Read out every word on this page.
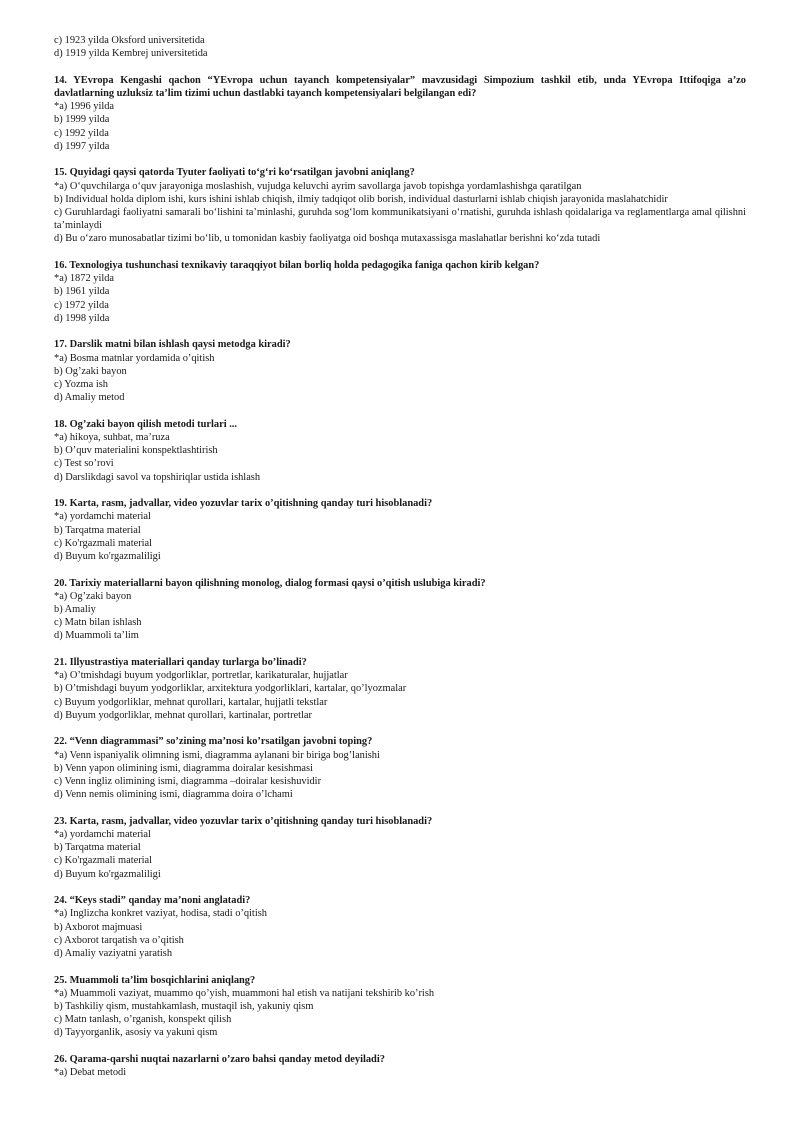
c) 1923 yilda Oksford universitetida
d) 1919 yilda Kembrej universitetida
14. YEvropa Kengashi qachon “YEvropa uchun tayanch kompetensiyalar” mavzusidagi Simpozium tashkil etib, unda YEvropa Ittifoqiga a’zo davlatlarning uzluksiz ta’lim tizimi uchun dastlabki tayanch kompetensiyalari belgilangan edi?
*a) 1996 yilda
b) 1999 yilda
c) 1992 yilda
d) 1997 yilda
15. Quyidagi qaysi qatorda Tyuter faoliyati to‘g‘ri ko‘rsatilgan javobni aniqlang?
*a) O‘quvchilarga o‘quv jarayoniga moslashish, vujudga keluvchi ayrim savollarga javob topishga yordamlashishga qaratilgan
b) Individual holda diplom ishi, kurs ishini ishlab chiqish, ilmiy tadqiqot olib borish, individual dasturlarni ishlab chiqish jarayonida maslahatchidir
c) Guruhlardagi faoliyatni samarali bo‘lishini ta’minlashi, guruhda sog‘lom kommunikatsiyani o‘rnatishi, guruhda ishlash qoidalariga va reglamentlarga amal qilishni ta’minlaydi
d) Bu o‘zaro munosabatlar tizimi bo‘lib, u tomonidan kasbiy faoliyatga oid boshqa mutaxassisga maslahatlar berishni ko‘zda tutadi
16. Texnologiya tushunchasi texnikaviy taraqqiyot bilan borliq holda pedagogika faniga qachon kirib kelgan?
*a) 1872 yilda
b) 1961 yilda
c) 1972 yilda
d) 1998 yilda
17. Darslik matni bilan ishlash qaysi metodga kiradi?
*a) Bosma matnlar yordamida o’qitish
b) Og’zaki bayon
c) Yozma ish
d) Amaliy metod
18. Og’zaki bayon qilish metodi turlari ...
*a) hikoya, suhbat, ma’ruza
b) O’quv materialini konspektlashtirish
c) Test so’rovi
d) Darslikdagi savol va topshiriqlar ustida ishlash
19. Karta, rasm, jadvallar, video yozuvlar tarix o’qitishning qanday turi hisoblanadi?
*a) yordamchi material
b) Tarqatma material
c) Ko'rgazmali material
d) Buyum ko'rgazmaliligi
20. Tarixiy materiallarni bayon qilishning monolog, dialog formasi qaysi o’qitish uslubiga kiradi?
*a) Og’zaki bayon
b) Amaliy
c) Matn bilan ishlash
d) Muammoli ta’lim
21. Illyustrastiya materiallari qanday turlarga bo’linadi?
*a) O’tmishdagi buyum yodgorliklar, portretlar, karikaturalar, hujjatlar
b) O’tmishdagi buyum yodgorliklar, arxitektura yodgorliklari, kartalar, qo’lyozmalar
c) Buyum yodgorliklar, mehnat qurollari, kartalar, hujjatli tekstlar
d) Buyum yodgorliklar, mehnat qurollari, kartinalar, portretlar
22. “Venn diagrammasi” so’zining ma’nosi ko’rsatilgan javobni toping?
*a) Venn ispaniyalik olimning ismi, diagramma aylanani bir biriga bog’lanishi
b) Venn yapon olimining ismi, diagramma doiralar kesishmasi
c) Venn ingliz olimining ismi, diagramma –doiralar kesishuvidir
d) Venn nemis olimining ismi, diagramma doira o’lchami
23. Karta, rasm, jadvallar, video yozuvlar tarix o’qitishning qanday turi hisoblanadi?
*a) yordamchi material
b) Tarqatma material
c) Ko'rgazmali material
d) Buyum ko'rgazmaliligi
24. “Keys stadi” qanday ma’noni anglatadi?
*a) Inglizcha konkret vaziyat, hodisa, stadi o’qitish
b) Axborot majmuasi
c) Axborot tarqatish va o’qitish
d) Amaliy vaziyatni yaratish
25. Muammoli ta’lim bosqichlarini aniqlang?
*a) Muammoli vaziyat, muammo qo’yish, muammoni hal etish va natijani tekshirib ko’rish
b) Tashkiliy qism, mustahkamlash, mustaqil ish, yakuniy qism
c) Matn tanlash, o’rganish, konspekt qilish
d) Tayyorganlik, asosiy va yakuni qism
26. Qarama-qarshi nuqtai nazarlarni o’zaro bahsi qanday metod deyiladi?
*a) Debat metodi
